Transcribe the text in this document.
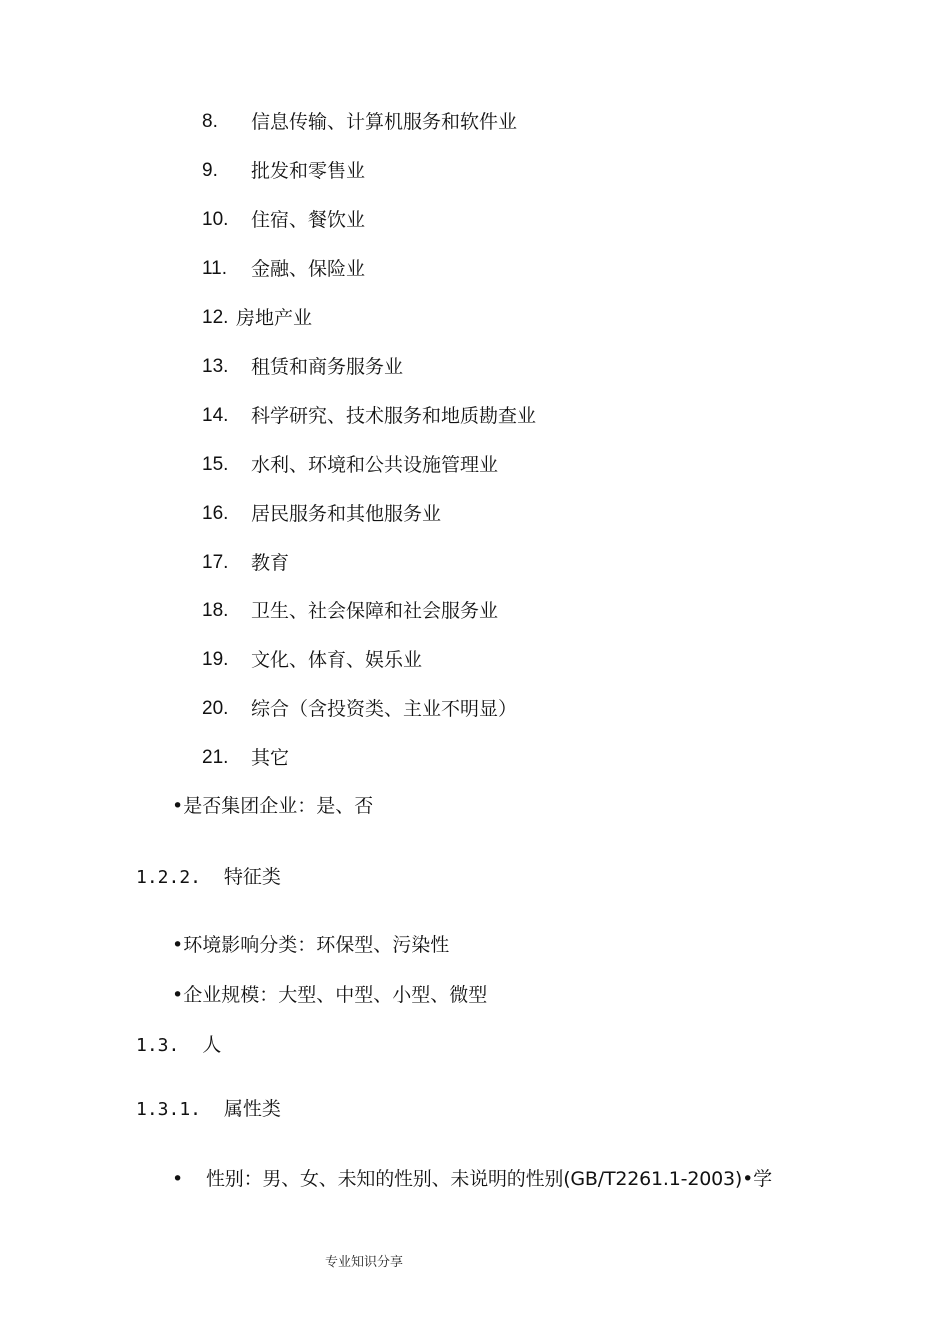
8. 信息传输、计算机服务和软件业
9. 批发和零售业
10. 住宿、餐饮业
11. 金融、保险业
12. 房地产业
13. 租赁和商务服务业
14. 科学研究、技术服务和地质勘查业
15. 水利、环境和公共设施管理业
16. 居民服务和其他服务业
17. 教育
18. 卫生、社会保障和社会服务业
19. 文化、体育、娱乐业
20. 综合（含投资类、主业不明显）
21. 其它
•是否集团企业：是、否
1.2.2. 特征类
•环境影响分类：环保型、污染性
•企业规模：大型、中型、小型、微型
1.3. 人
1.3.1. 属性类
• 性别：男、女、未知的性别、未说明的性别(GB/T2261.1-2003)•学
专业知识分享
